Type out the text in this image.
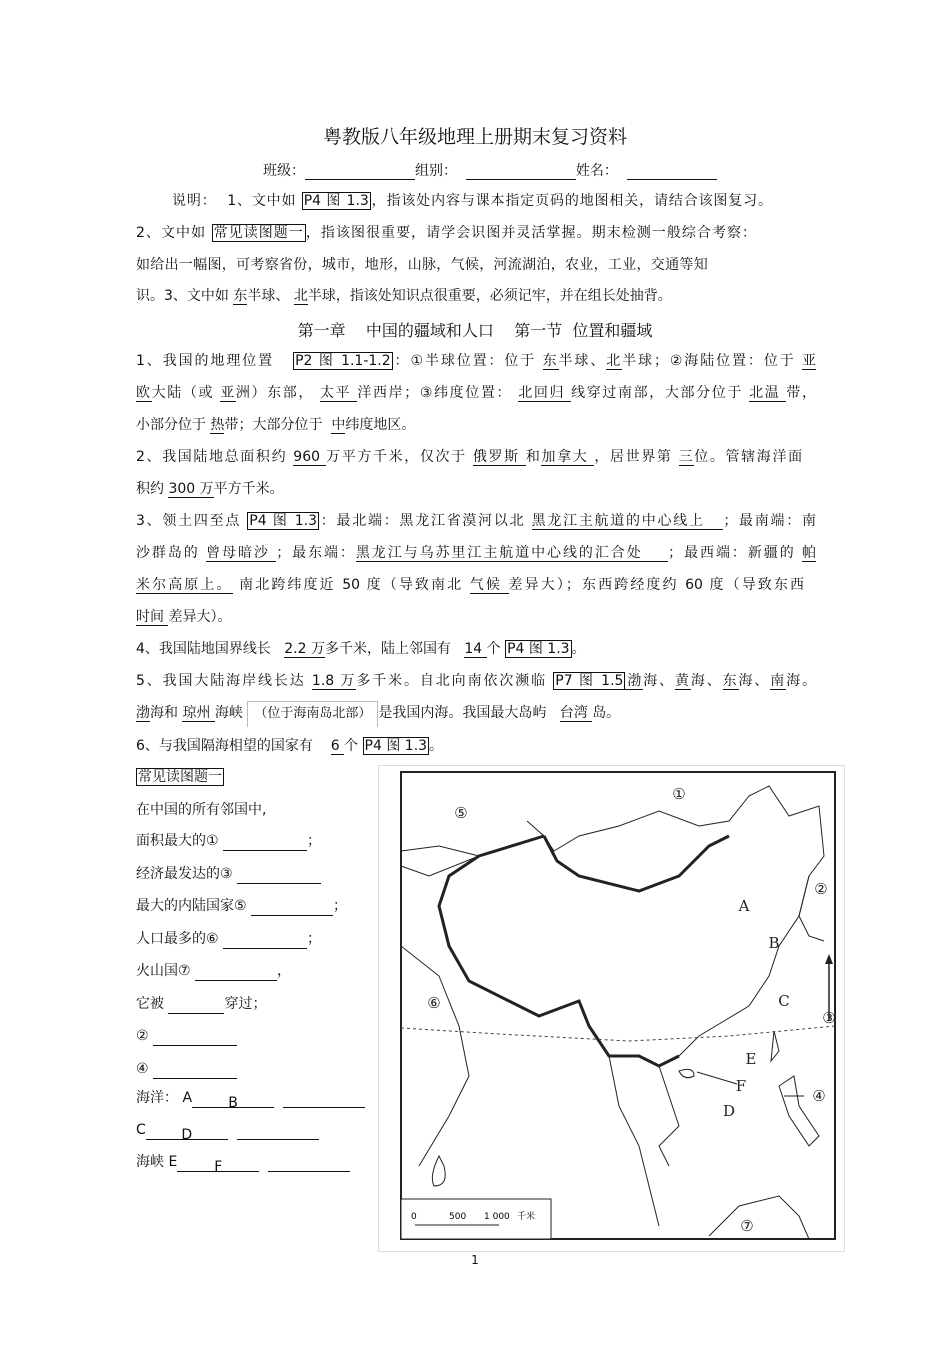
粤教版八年级地理上册期末复习资料
班级：	组别：	姓名：
说明：  1、文中如 P4 图 1.3 ，指该处内容与课本指定页码的地图相关，请结合该图复习。
2、文中如 常见读图题一 ，指该图很重要，请学会识图并灵活掌握。期末检测一般综合考察：
如给出一幅图，可考察省份，城市，地形，山脉，气候，河流湖泊，农业，工业，交通等知
识。3、文中如 东半球、 北半球，指该处知识点很重要，必须记牢，并在组长处抽背。
第一章    中国的疆域和人口    第一节  位置和疆域
1、我国的地理位置   P2 图 1.1-1.2 ：①半球位置：位于 东半球、北半球；②海陆位置：位于 亚
欧大陆（或 亚洲）东部， 太平 洋西岸；③纬度位置： 北回归 线穿过南部，大部分位于 北温 带，
小部分位于 热带；大部分位于  中纬度地区。
2、我国陆地总面积约 960 万平方千米，仅次于 俄罗斯 和加拿大 ，居世界第 三位。管辖海洋面
积约 300 万平方千米。
3、领土四至点 P4 图 1.3 ：最北端：黑龙江省漠河以北 黑龙江主航道的中心线上   ；最南端：南
沙群岛的 曾母暗沙 ；最东端：黑龙江与乌苏里江主航道中心线的汇合处    ；最西端：新疆的 帕
米尔高原上。 南北跨纬度近 50 度（导致南北 气候 差异大）；东西跨经度约 60 度（导致东西
时间 差异大）。
4、我国陆地国界线长   2.2 万多千米，陆上邻国有   14 个 P4 图 1.3 。
5、我国大陆海岸线长达 1.8 万多千米。自北向南依次濒临 P7 图 1.5 渤海、黄海、东海、南海。
渤海和 琼州 海峡 （位于海南岛北部） 是我国内海。我国最大岛屿   台湾 岛。
6、与我国隔海相望的国家有    6 个 P4 图 1.3 。
常见读图题一
在中国的所有邻国中,
面积最大的①	；
经济最发达的③
最大的内陆国家⑤	；
人口最多的⑥	；
火山国⑦	，
它被	穿过；
②
④
海洋： A	B
C	D
海峡 E	F
①
②
③
④
⑤
⑥
⑦
A
B
C
D
E
F
0	500 1 000 千米
1
